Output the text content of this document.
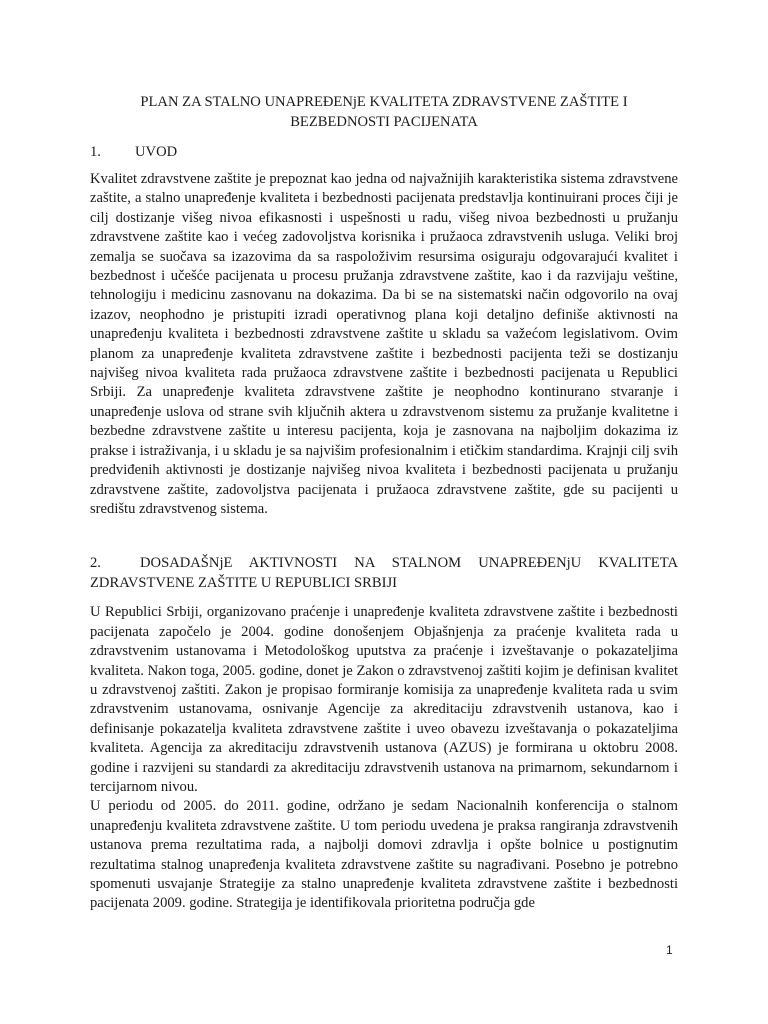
PLAN ZA STALNO UNAPREĐENjE KVALITETA ZDRAVSTVENE ZAŠTITE I
BEZBEDNOSTI PACIJENATA

1.	UVOD

Kvalitet zdravstvene zaštite je prepoznat kao jedna od najvažnijih karakteristika sistema zdravstvene zaštite, a stalno unapređenje kvaliteta i bezbednosti pacijenata predstavlja kontinuirani proces čiji je cilj dostizanje višeg nivoa efikasnosti i uspešnosti u radu, višeg nivoa bezbednosti u pružanju zdravstvene zaštite kao i većeg zadovoljstva korisnika i pružaoca zdravstvenih usluga. Veliki broj zemalja se suočava sa izazovima da sa raspoloživim resursima osiguraju odgovarajući kvalitet i bezbednost i učešće pacijenata u procesu pružanja zdravstvene zaštite, kao i da razvijaju veštine, tehnologiju i medicinu zasnovanu na dokazima. Da bi se na sistematski način odgovorilo na ovaj izazov, neophodno je pristupiti izradi operativnog plana koji detaljno definiše aktivnosti na unapređenju kvaliteta i bezbednosti zdravstvene zaštite u skladu sa važećom legislativom. Ovim planom za unapređenje kvaliteta zdravstvene zaštite i bezbednosti pacijenta teži se dostizanju najvišeg nivoa kvaliteta rada pružaoca zdravstvene zaštite i bezbednosti pacijenata u Republici Srbiji. Za unapređenje kvaliteta zdravstvene zaštite je neophodno kontinurano stvaranje i unapređenje uslova od strane svih ključnih aktera u zdravstvenom sistemu za pružanje kvalitetne i bezbedne zdravstvene zaštite u interesu pacijenta, koja je zasnovana na najboljim dokazima iz prakse i istraživanja, i u skladu je sa najvišim profesionalnim i etičkim standardima. Krajnji cilj svih predviđenih aktivnosti je dostizanje najvišeg nivoa kvaliteta i bezbednosti pacijenata u pružanju zdravstvene zaštite, zadovoljstva pacijenata i pružaoca zdravstvene zaštite, gde su pacijenti u središtu zdravstvenog sistema.

2.	DOSADAŠNjE AKTIVNOSTI NA STALNOM UNAPREĐENjU KVALITETA ZDRAVSTVENE ZAŠTITE U REPUBLICI SRBIJI

U Republici Srbiji, organizovano praćenje i unapređenje kvaliteta zdravstvene zaštite i bezbednosti pacijenata započelo je 2004. godine donošenjem Objašnjenja za praćenje kvaliteta rada u zdravstvenim ustanovama i Metodološkog uputstva za praćenje i izveštavanje o pokazateljima kvaliteta. Nakon toga, 2005. godine, donet je Zakon o zdravstvenoj zaštiti kojim je definisan kvalitet u zdravstvenoj zaštiti. Zakon je propisao formiranje komisija za unapređenje kvaliteta rada u svim zdravstvenim ustanovama, osnivanje Agencije za akreditaciju zdravstvenih ustanova, kao i definisanje pokazatelja kvaliteta zdravstvene zaštite i uveo obavezu izveštavanja o pokazateljima kvaliteta. Agencija za akreditaciju zdravstvenih ustanova (AZUS) je formirana u oktobru 2008. godine i razvijeni su standardi za akreditaciju zdravstvenih ustanova na primarnom, sekundarnom i tercijarnom nivou.

U periodu od 2005. do 2011. godine, održano je sedam Nacionalnih konferencija o stalnom unapređenju kvaliteta zdravstvene zaštite. U tom periodu uvedena je praksa rangiranja zdravstvenih ustanova prema rezultatima rada, a najbolji domovi zdravlja i opšte bolnice u postignutim rezultatima stalnog unapređenja kvaliteta zdravstvene zaštite su nagrađivani. Posebno je potrebno spomenuti usvajanje Strategije za stalno unapređenje kvaliteta zdravstvene zaštite i bezbednosti pacijenata 2009. godine. Strategija je identifikovala prioritetna područja gde

1
